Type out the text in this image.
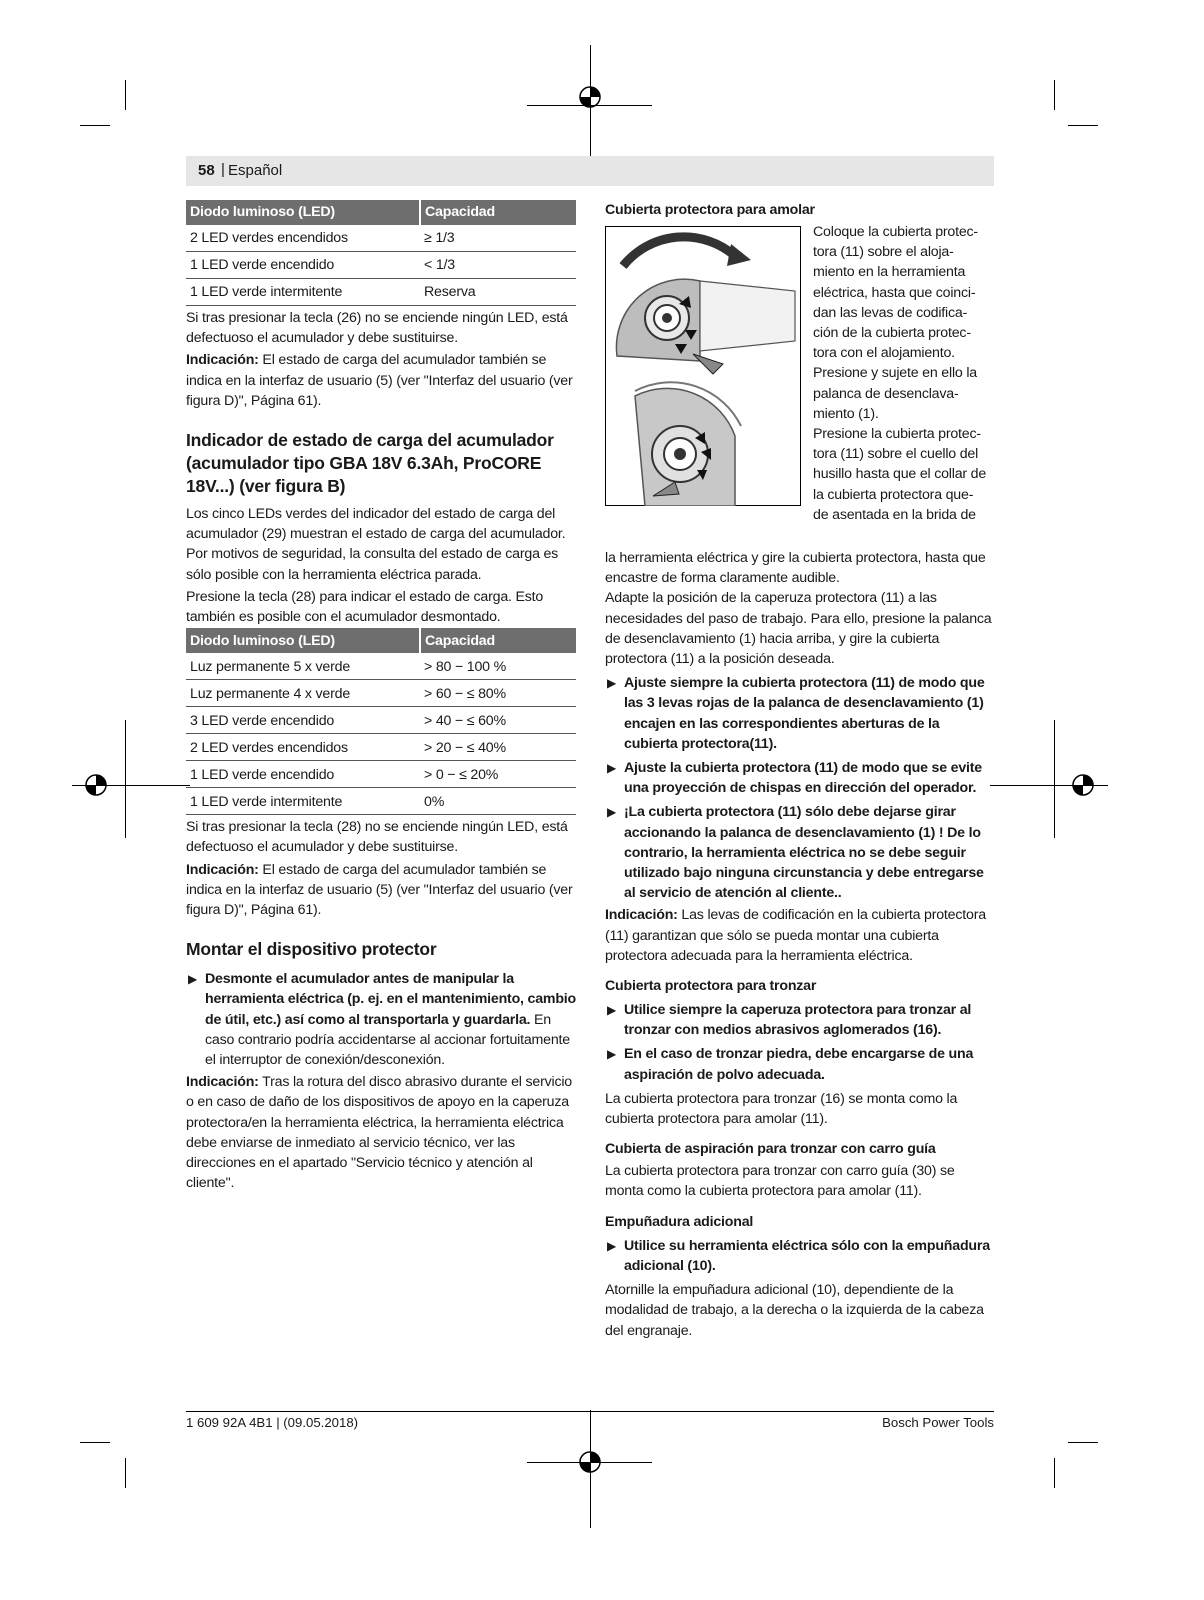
58 | Español
Diodo luminoso (LED)	Capacidad
2 LED verdes encendidos	≥ 1/3
1 LED verde encendido	< 1/3
1 LED verde intermitente	Reserva

Si tras presionar la tecla (26) no se enciende ningún LED, está defectuoso el acumulador y debe sustituirse.

Indicación: El estado de carga del acumulador también se indica en la interfaz de usuario (5) (ver "Interfaz del usuario (ver figura D)", Página 61).

Indicador de estado de carga del acumulador (acumulador tipo GBA 18V 6.3Ah, ProCORE 18V...) (ver figura B)

Los cinco LEDs verdes del indicador del estado de carga del acumulador (29) muestran el estado de carga del acumulador. Por motivos de seguridad, la consulta del estado de carga es sólo posible con la herramienta eléctrica parada.

Presione la tecla (28) para indicar el estado de carga. Esto también es posible con el acumulador desmontado.

Diodo luminoso (LED)	Capacidad
Luz permanente 5 x verde	> 80 − 100 %
Luz permanente 4 x verde	> 60 − ≤ 80%
3 LED verde encendido	> 40 − ≤ 60%
2 LED verdes encendidos	> 20 − ≤ 40%
1 LED verde encendido	> 0 − ≤ 20%
1 LED verde intermitente	0%

Si tras presionar la tecla (28) no se enciende ningún LED, está defectuoso el acumulador y debe sustituirse.

Indicación: El estado de carga del acumulador también se indica en la interfaz de usuario (5) (ver "Interfaz del usuario (ver figura D)", Página 61).

Montar el dispositivo protector
▶ Desmonte el acumulador antes de manipular la herramienta eléctrica (p. ej. en el mantenimiento, cambio de útil, etc.) así como al transportarla y guardarla. En caso contrario podría accidentarse al accionar fortuitamente el interruptor de conexión/desconexión.

Indicación: Tras la rotura del disco abrasivo durante el servicio o en caso de daño de los dispositivos de apoyo en la caperuza protectora/en la herramienta eléctrica, la herramienta eléctrica debe enviarse de inmediato al servicio técnico, ver las direcciones en el apartado "Servicio técnico y atención al cliente".

Cubierta protectora para amolar
Coloque la cubierta protec-
tora (11) sobre el aloja-
miento en la herramienta
eléctrica, hasta que coinci-
dan las levas de codifica-
ción de la cubierta protec-
tora con el alojamiento.
Presione y sujete en ello la
palanca de desenclava-
miento (1).
Presione la cubierta protec-
tora (11) sobre el cuello del
husillo hasta que el collar de
la cubierta protectora que-
de asentada en la brida de

la herramienta eléctrica y gire la cubierta protectora, hasta que encastre de forma claramente audible.

Adapte la posición de la caperuza protectora (11) a las necesidades del paso de trabajo. Para ello, presione la palanca de desenclavamiento (1) hacia arriba, y gire la cubierta protectora (11) a la posición deseada.

▶ Ajuste siempre la cubierta protectora (11) de modo que las 3 levas rojas de la palanca de desenclavamiento (1) encajen en las correspondientes aberturas de la cubierta protectora(11).
▶ Ajuste la cubierta protectora (11) de modo que se evite una proyección de chispas en dirección del operador.
▶ ¡La cubierta protectora (11) sólo debe dejarse girar accionando la palanca de desenclavamiento (1) ! De lo contrario, la herramienta eléctrica no se debe seguir utilizado bajo ninguna circunstancia y debe entregarse al servicio de atención al cliente..

Indicación: Las levas de codificación en la cubierta protectora (11) garantizan que sólo se pueda montar una cubierta protectora adecuada para la herramienta eléctrica.

Cubierta protectora para tronzar
▶ Utilice siempre la caperuza protectora para tronzar al tronzar con medios abrasivos aglomerados (16).
▶ En el caso de tronzar piedra, debe encargarse de una aspiración de polvo adecuada.

La cubierta protectora para tronzar (16) se monta como la cubierta protectora para amolar (11).

Cubierta de aspiración para tronzar con carro guía

La cubierta protectora para tronzar con carro guía (30) se monta como la cubierta protectora para amolar (11).

Empuñadura adicional
▶ Utilice su herramienta eléctrica sólo con la empuñadura adicional (10).

Atornille la empuñadura adicional (10), dependiente de la modalidad de trabajo, a la derecha o la izquierda de la cabeza del engranaje.

1 609 92A 4B1 | (09.05.2018)	Bosch Power Tools
